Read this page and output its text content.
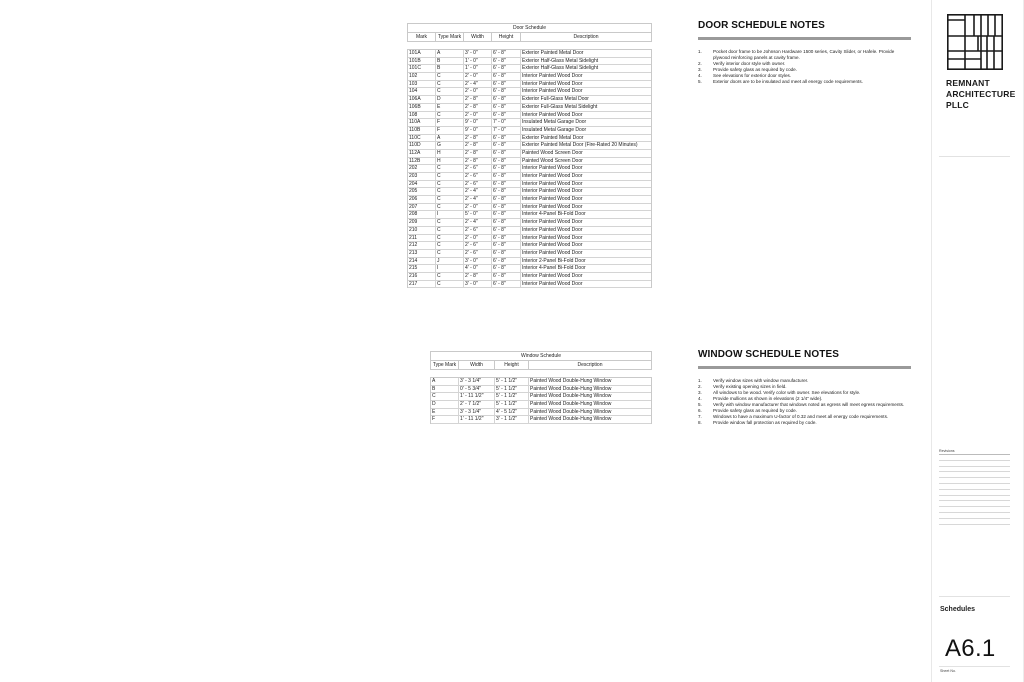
Door Schedule
Mark	Type Mark	Width	Height	Description
101A	A	3' - 0"	6' - 8"	Exterior Painted Metal Door
101B	B	1' - 0"	6' - 8"	Exterior Half-Glass Metal Sidelight
101C	B	1' - 0"	6' - 8"	Exterior Half-Glass Metal Sidelight
102	C	2' - 0"	6' - 8"	Interior Painted Wood Door
103	C	2' - 4"	6' - 8"	Interior Painted Wood Door
104	C	2' - 0"	6' - 8"	Interior Painted Wood Door
106A	D	2' - 8"	6' - 8"	Exterior Full-Glass Metal Door
106B	E	2' - 8"	6' - 8"	Exterior Full-Glass Metal Sidelight
108	C	2' - 0"	6' - 8"	Interior Painted Wood Door
110A	F	9' - 0"	7' - 0"	Insulated Metal Garage Door
110B	F	9' - 0"	7' - 0"	Insulated Metal Garage Door
110C	A	2' - 8"	6' - 8"	Exterior Painted Metal Door
110D	G	2' - 8"	6' - 8"	Exterior Painted Metal Door (Fire-Rated 20 Minutes)
112A	H	2' - 8"	6' - 8"	Painted Wood Screen Door
112B	H	2' - 8"	6' - 8"	Painted Wood Screen Door
202	C	2' - 6"	6' - 8"	Interior Painted Wood Door
203	C	2' - 6"	6' - 8"	Interior Painted Wood Door
204	C	2' - 6"	6' - 8"	Interior Painted Wood Door
205	C	2' - 4"	6' - 8"	Interior Painted Wood Door
206	C	2' - 4"	6' - 8"	Interior Painted Wood Door
207	C	2' - 0"	6' - 8"	Interior Painted Wood Door
208	I	5' - 0"	6' - 8"	Interior 4-Panel Bi-Fold Door
209	C	2' - 4"	6' - 8"	Interior Painted Wood Door
210	C	2' - 6"	6' - 8"	Interior Painted Wood Door
211	C	2' - 0"	6' - 8"	Interior Painted Wood Door
212	C	2' - 6"	6' - 8"	Interior Painted Wood Door
213	C	2' - 6"	6' - 8"	Interior Painted Wood Door
214	J	3' - 0"	6' - 8"	Interior 2-Panel Bi-Fold Door
215	I	4' - 0"	6' - 8"	Interior 4-Panel Bi-Fold Door
216	C	2' - 8"	6' - 8"	Interior Painted Wood Door
217	C	3' - 0"	6' - 8"	Interior Painted Wood Door
Window Schedule
Type Mark	Width	Height	Description
A	3' - 3 1/4"	5' - 1 1/2"	Painted Wood Double-Hung Window
B	0' - 5 3/4"	5' - 1 1/2"	Painted Wood Double-Hung Window
C	1' - 11 1/2"	5' - 1 1/2"	Painted Wood Double-Hung Window
D	2' - 7 1/2"	5' - 1 1/2"	Painted Wood Double-Hung Window
E	3' - 3 1/4"	4' - 5 1/2"	Painted Wood Double-Hung Window
F	1' - 11 1/2"	3' - 1 1/2"	Painted Wood Double-Hung Window
DOOR SCHEDULE NOTES
1.	Pocket door frame to be Johnson Hardware 1500 series, Cavity Slider, or Hafele. Provide plywood reinforcing panels at cavity frame.
2.	Verify interior door style with owner.
3.	Provide safety glass as required by code.
4.	See elevations for exterior door styles.
5.	Exterior doors are to be insulated and meet all energy code requirements.
WINDOW SCHEDULE NOTES
1.	Verify window sizes with window manufacturer.
2.	Verify existing opening sizes in field.
3.	All windows to be wood. Verify color with owner. See elevations for style.
4.	Provide mullions as shown in elevations (2 1/4" wide).
5.	Verify with window manufacturer that windows noted as egress will meet egress requirements.
6.	Provide safety glass as required by code.
7.	Windows to have a maximum U-factor of 0.32 and meet all energy code requirements.
8.	Provide window fall protection as required by code.
REMNANT
ARCHITECTURE
PLLC
Revisions
Schedules
A6.1
Sheet No.
